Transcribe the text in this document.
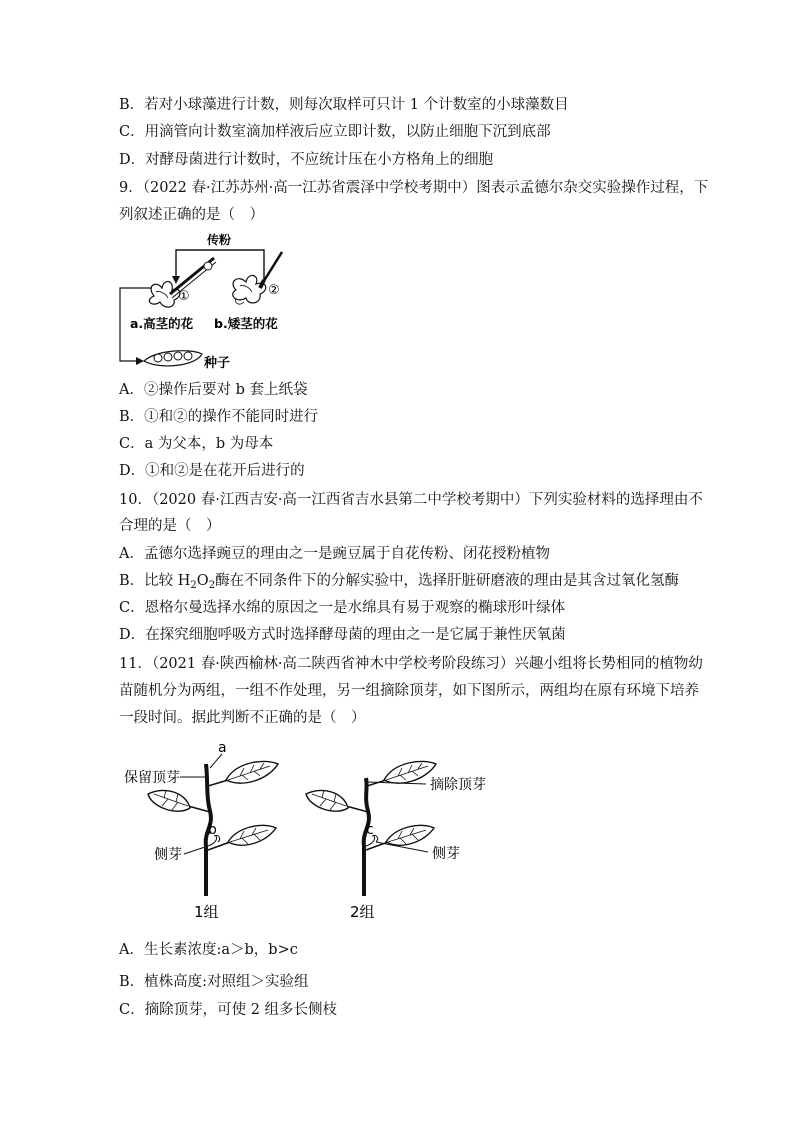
B．若对小球藻进行计数，则每次取样可只计 1 个计数室的小球藻数目
C．用滴管向计数室滴加样液后应立即计数，以防止细胞下沉到底部
D．对酵母菌进行计数时，不应统计压在小方格角上的细胞
9．（2022 春·江苏苏州·高一江苏省震泽中学校考期中）图表示孟德尔杂交实验操作过程，下
列叙述正确的是（　）
传粉
①	②
a.高茎的花 b.矮茎的花
种子
A．②操作后要对 b 套上纸袋
B．①和②的操作不能同时进行
C．a 为父本，b 为母本
D．①和②是在花开后进行的
10．（2020 春·江西吉安·高一江西省吉水县第二中学校考期中）下列实验材料的选择理由不
合理的是（　）
A．孟德尔选择豌豆的理由之一是豌豆属于自花传粉、闭花授粉植物
B．比较 $H_2O_2$酶在不同条件下的分解实验中，选择肝脏研磨液的理由是其含过氧化氢酶
C．恩格尔曼选择水绵的原因之一是水绵具有易于观察的椭球形叶绿体
D．在探究细胞呼吸方式时选择酵母菌的理由之一是它属于兼性厌氧菌
11．（2021 春·陕西榆林·高二陕西省神木中学校考阶段练习）兴趣小组将长势相同的植物幼
苗随机分为两组，一组不作处理，另一组摘除顶芽，如下图所示，两组均在原有环境下培养
一段时间。据此判断不正确的是（　）
a
b
保留顶芽
侧芽
1组
c
摘除顶芽
侧芽
2组
A．生长素浓度:a＞b，b>c
B．植株高度:对照组＞实验组
C．摘除顶芽，可使 2 组多长侧枝
